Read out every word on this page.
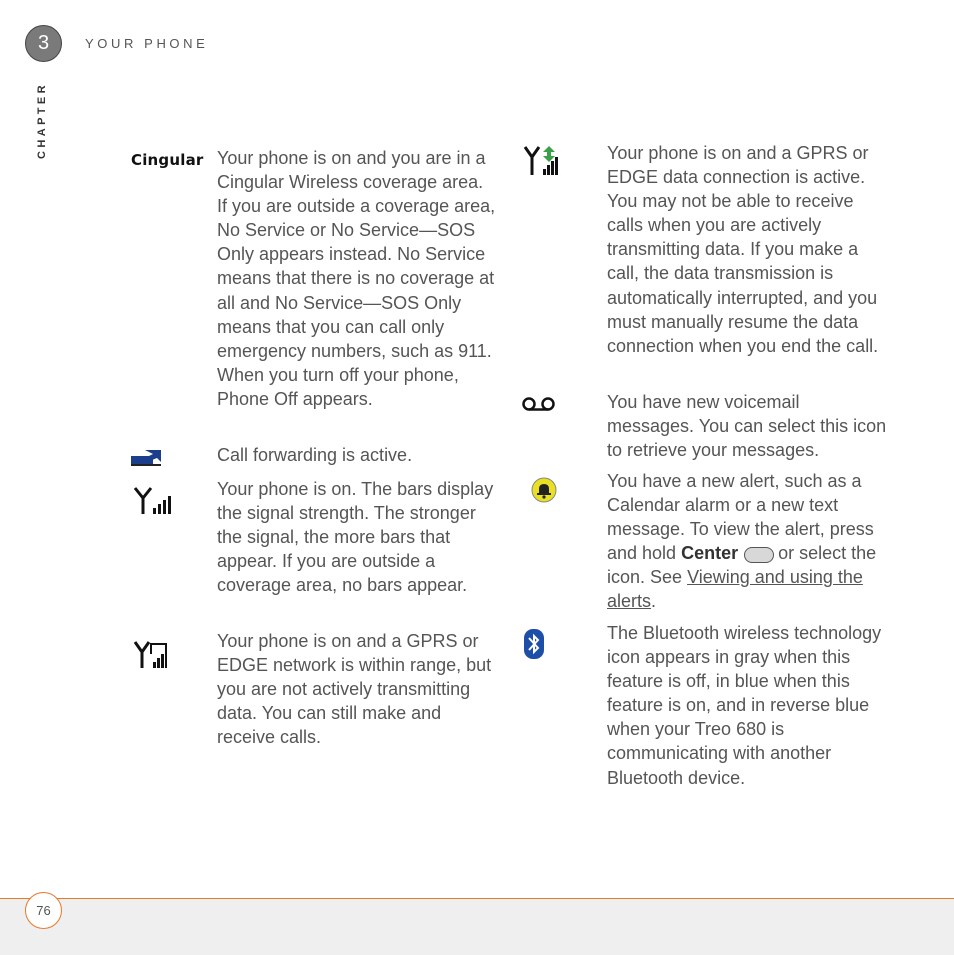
3	YOUR PHONE
CHAPTER
Cingular Your phone is on and you are in a Cingular Wireless coverage area. If you are outside a coverage area, No Service or No Service—SOS Only appears instead. No Service means that there is no coverage at all and No Service—SOS Only means that you can call only emergency numbers, such as 911. When you turn off your phone, Phone Off appears.
Call forwarding is active.
Your phone is on. The bars display the signal strength. The stronger the signal, the more bars that appear. If you are outside a coverage area, no bars appear.
Your phone is on and a GPRS or EDGE network is within range, but you are not actively transmitting data. You can still make and receive calls.
Your phone is on and a GPRS or EDGE data connection is active. You may not be able to receive calls when you are actively transmitting data. If you make a call, the data transmission is automatically interrupted, and you must manually resume the data connection when you end the call.
You have new voicemail messages. You can select this icon to retrieve your messages.
You have a new alert, such as a Calendar alarm or a new text message. To view the alert, press and hold Center or select the icon. See Viewing and using the alerts.
The Bluetooth wireless technology icon appears in gray when this feature is off, in blue when this feature is on, and in reverse blue when your Treo 680 is communicating with another Bluetooth device.
76
